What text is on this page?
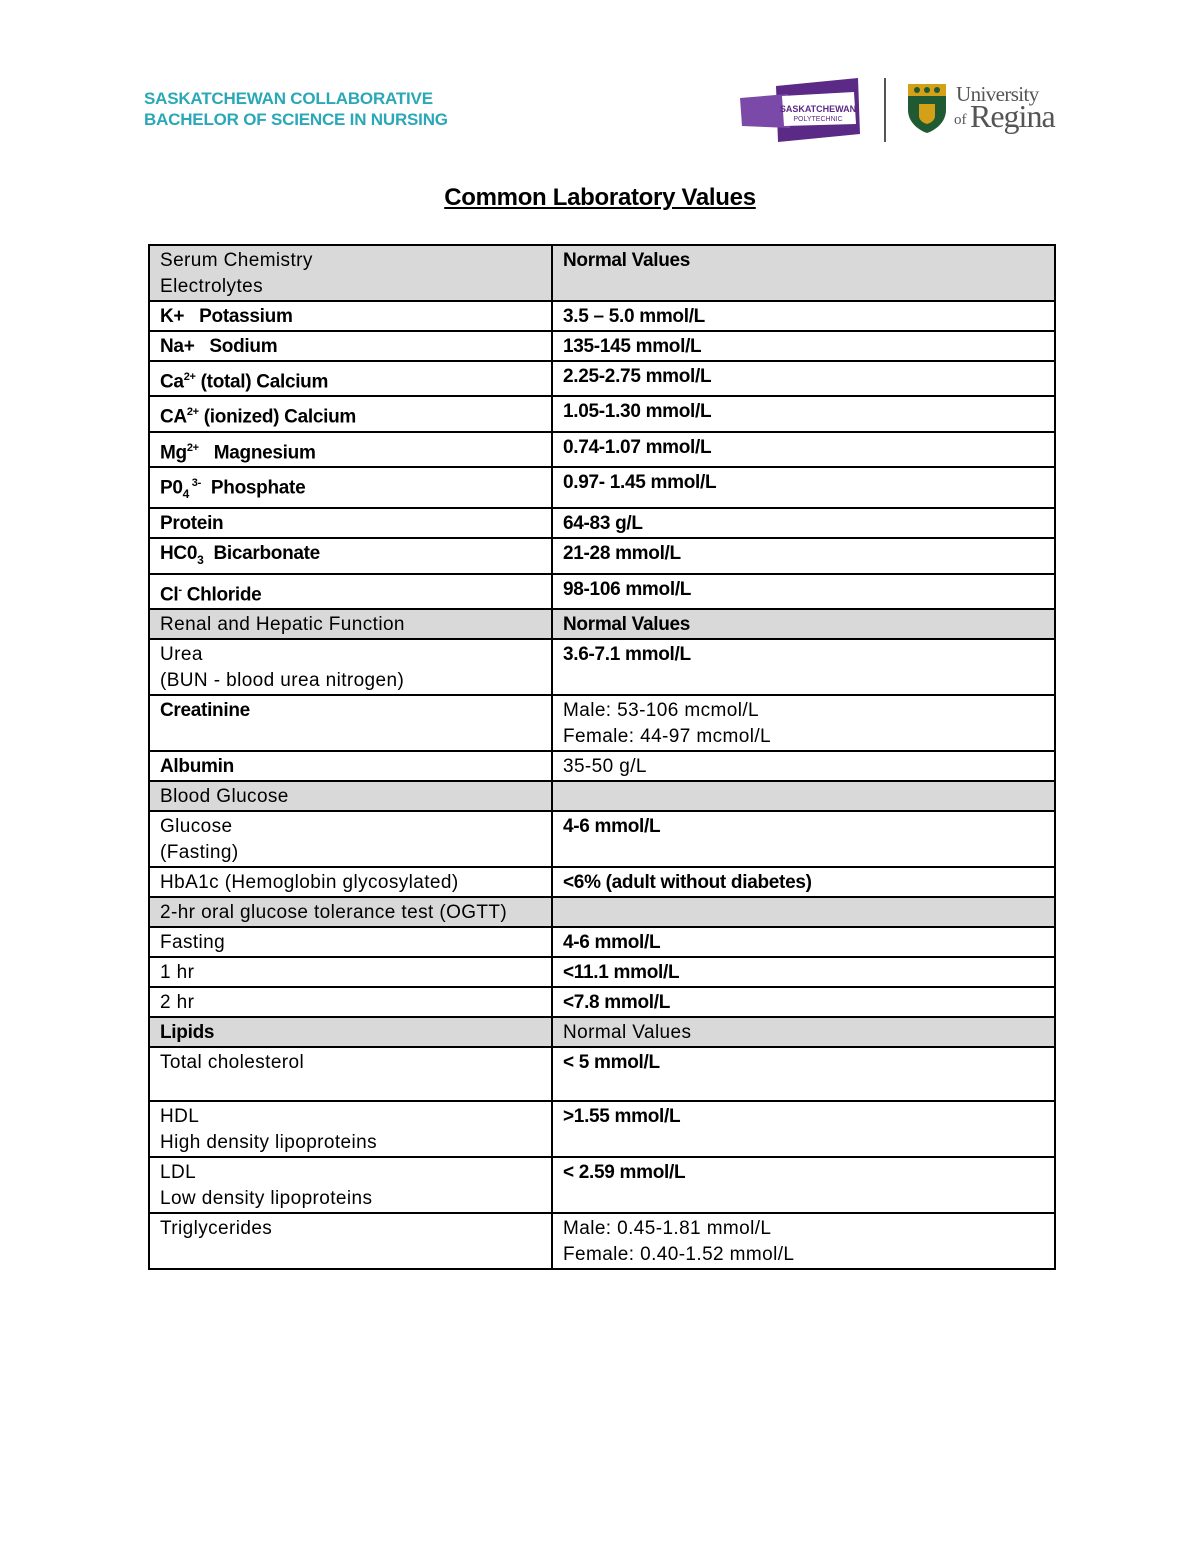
SASKATCHEWAN COLLABORATIVE
BACHELOR OF SCIENCE IN NURSING
SASKATCHEWAN
POLYTECHNIC
University
of Regina
Common Laboratory Values
Serum Chemistry
Electrolytes	Normal Values
K+   Potassium	3.5 – 5.0 mmol/L
Na+   Sodium	135-145 mmol/L
$Ca^{2+}$ (total) Calcium	2.25-2.75 mmol/L
$CA^{2+}$ (ionized) Calcium	1.05-1.30 mmol/L
$Mg^{2+}$   Magnesium	0.74-1.07 mmol/L
$P0_4$ $^{3-}$  Phosphate	0.97- 1.45 mmol/L
Protein	64-83 g/L
$HC0_3$  Bicarbonate	21-28 mmol/L
Cl- Chloride	98-106 mmol/L
Renal and Hepatic Function	Normal Values

Urea
(BUN - blood urea nitrogen)	3.6-7.1 mmol/L
Creatinine	Male: 53-106 mcmol/L
Female: 44-97 mcmol/L

Albumin	35-50 g/L
Blood Glucose	

Glucose
(Fasting)	4-6 mmol/L
HbA1c (Hemoglobin glycosylated)	<6% (adult without diabetes)
2-hr oral glucose tolerance test (OGTT)	
Fasting	4-6 mmol/L
1 hr	<11.1 mmol/L
2 hr	<7.8 mmol/L
Lipids	Normal Values
Total cholesterol	< 5 mmol/L

HDL
High density lipoproteins	>1.55 mmol/L

LDL
Low density lipoproteins	< 2.59 mmol/L
Triglycerides	Male: 0.45-1.81 mmol/L
Female: 0.40-1.52 mmol/L
